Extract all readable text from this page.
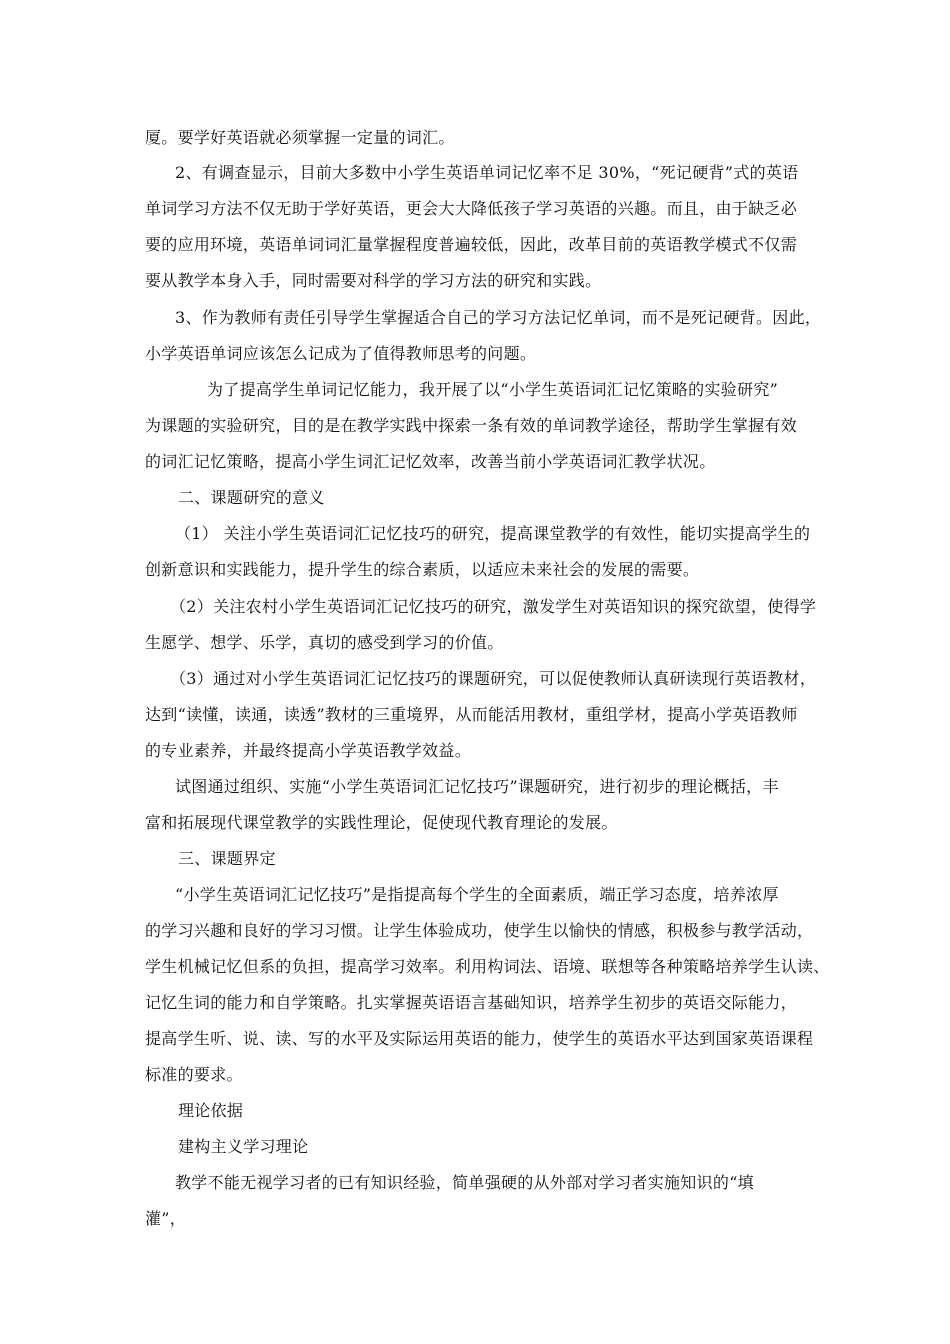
厦。要学好英语就必须掌握一定量的词汇。
2、有调查显示，目前大多数中小学生英语单词记忆率不足 30%，“死记硬背”式的英语
单词学习方法不仅无助于学好英语，更会大大降低孩子学习英语的兴趣。而且，由于缺乏必
要的应用环境，英语单词词汇量掌握程度普遍较低，因此，改革目前的英语教学模式不仅需
要从教学本身入手，同时需要对科学的学习方法的研究和实践。
3、作为教师有责任引导学生掌握适合自己的学习方法记忆单词，而不是死记硬背。因此，
小学英语单词应该怎么记成为了值得教师思考的问题。
为了提高学生单词记忆能力，我开展了以“小学生英语词汇记忆策略的实验研究”
为课题的实验研究，目的是在教学实践中探索一条有效的单词教学途径，帮助学生掌握有效
的词汇记忆策略，提高小学生词汇记忆效率，改善当前小学英语词汇教学状况。
二、课题研究的意义
（1） 关注小学生英语词汇记忆技巧的研究，提高课堂教学的有效性，能切实提高学生的
创新意识和实践能力，提升学生的综合素质，以适应未来社会的发展的需要。
（2）关注农村小学生英语词汇记忆技巧的研究，激发学生对英语知识的探究欲望，使得学
生愿学、想学、乐学，真切的感受到学习的价值。
（3）通过对小学生英语词汇记忆技巧的课题研究，可以促使教师认真研读现行英语教材，
达到“读懂，读通，读透”教材的三重境界，从而能活用教材，重组学材，提高小学英语教师
的专业素养，并最终提高小学英语教学效益。
试图通过组织、实施“小学生英语词汇记忆技巧”课题研究，进行初步的理论概括，丰
富和拓展现代课堂教学的实践性理论，促使现代教育理论的发展。
三、课题界定
“小学生英语词汇记忆技巧”是指提高每个学生的全面素质，端正学习态度，培养浓厚
的学习兴趣和良好的学习习惯。让学生体验成功，使学生以愉快的情感，积极参与教学活动，
学生机械记忆但系的负担，提高学习效率。利用构词法、语境、联想等各种策略培养学生认读、
记忆生词的能力和自学策略。扎实掌握英语语言基础知识，培养学生初步的英语交际能力，
提高学生听、说、读、写的水平及实际运用英语的能力，使学生的英语水平达到国家英语课程
标准的要求。
理论依据
建构主义学习理论
教学不能无视学习者的已有知识经验，简单强硬的从外部对学习者实施知识的“填
灌”，
